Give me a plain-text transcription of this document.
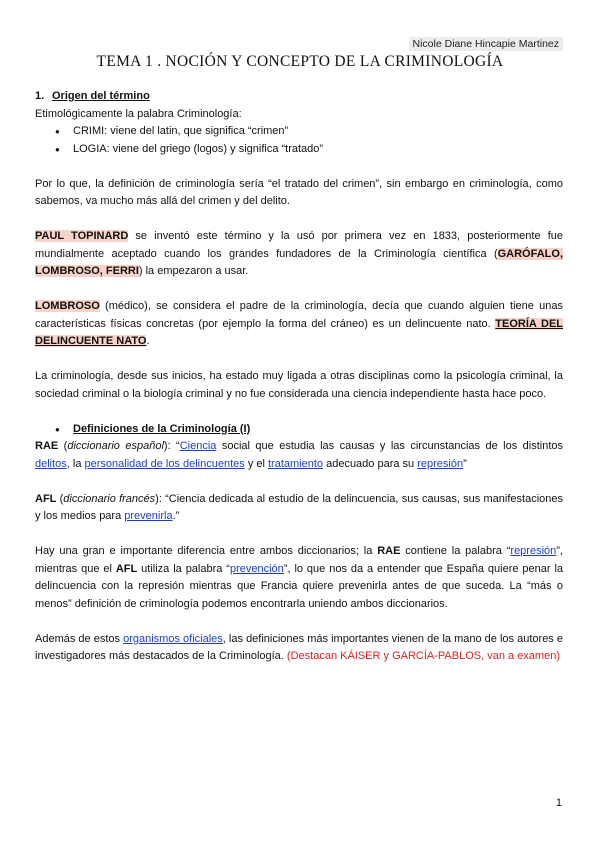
Nicole Diane Hincapie Martinez
TEMA 1 . NOCIÓN Y CONCEPTO DE LA CRIMINOLOGÍA

1. Origen del término

Etimológicamente la palabra Criminología:

● CRIMI: viene del latin, que significa “crimen”
● LOGIA: viene del griego (logos) y significa “tratado”

Por lo que, la definición de criminología sería “el tratado del crimen”, sin embargo en criminología, como sabemos, va mucho más allá del crimen y del delito.

PAUL TOPINARD se inventó este término y la usó por primera vez en 1833, posteriormente fue mundialmente aceptado cuando los grandes fundadores de la Criminología científica (GARÓFALO, LOMBROSO, FERRI) la empezaron a usar.

LOMBROSO (médico), se considera el padre de la criminología, decía que cuando alguien tiene unas características físicas concretas (por ejemplo la forma del cráneo) es un delincuente nato. TEORÍA DEL DELINCUENTE NATO.

La criminología, desde sus inicios, ha estado muy ligada a otras disciplinas como la psicología criminal, la sociedad criminal o la biología criminal y no fue considerada una ciencia independiente hasta hace poco.

● Definiciones de la Criminología (I)

RAE (diccionario español): “Ciencia social que estudia las causas y las circunstancias de los distintos delitos, la personalidad de los delincuentes y el tratamiento adecuado para su represión”

AFL (diccionario francés): “Ciencia dedicada al estudio de la delincuencia, sus causas, sus manifestaciones y los medios para prevenirla.”

Hay una gran e importante diferencia entre ambos diccionarios; la RAE contiene la palabra “represión”, mientras que el AFL utiliza la palabra “prevención”, lo que nos da a entender que España quiere penar la delincuencia con la represión mientras que Francia quiere prevenirla antes de que suceda. La “más o menos” definición de criminología podemos encontrarla uniendo ambos diccionarios.

Además de estos organismos oficiales, las definiciones más importantes vienen de la mano de los autores e investigadores más destacados de la Criminología. (Destacan KÁISER y GARCÍA-PABLOS, van a examen)

1
